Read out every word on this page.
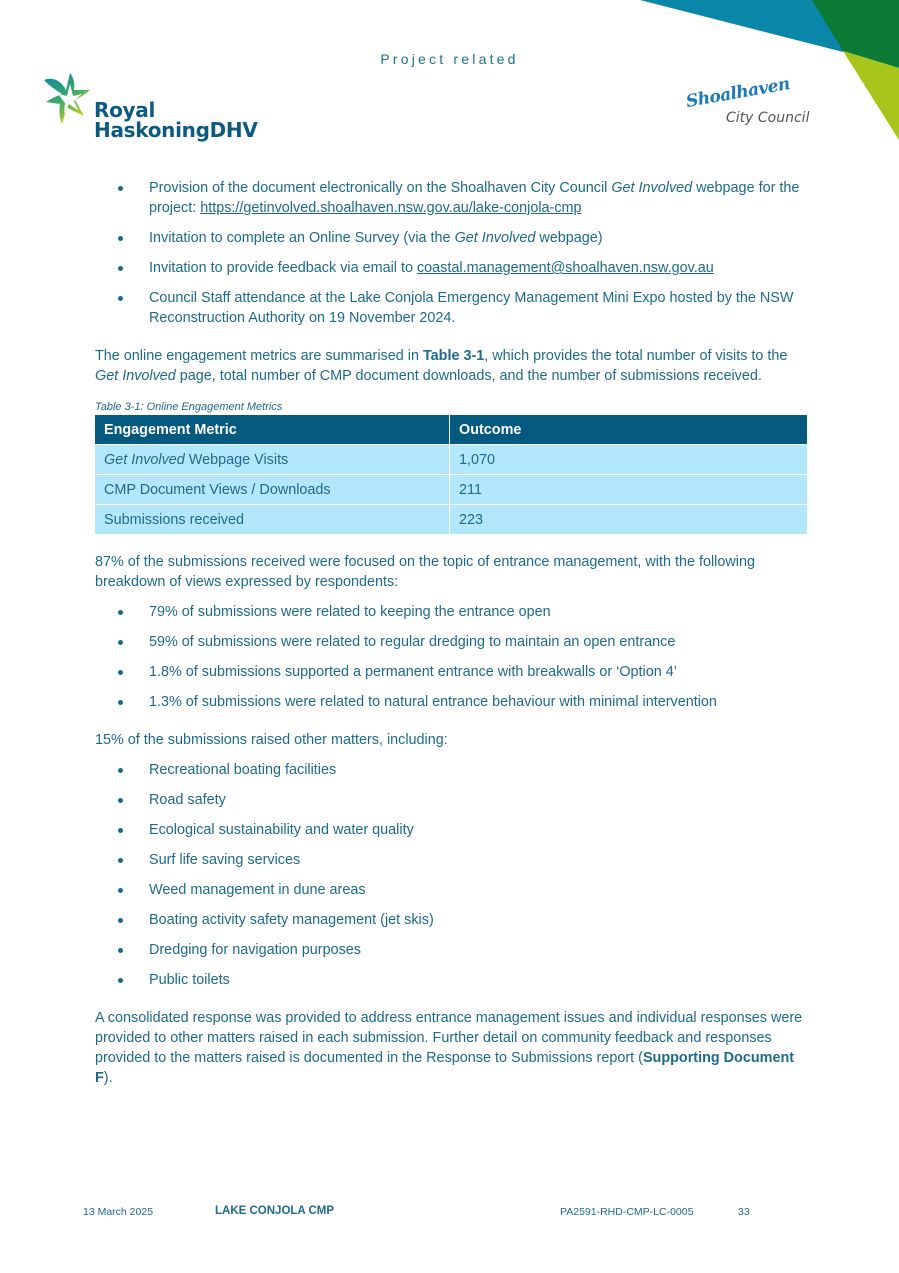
Project related
Royal
HaskoningDHV
Shoalhaven
City Council
Provision of the document electronically on the Shoalhaven City Council Get Involved webpage for the project: https://getinvolved.shoalhaven.nsw.gov.au/lake-conjola-cmp
Invitation to complete an Online Survey (via the Get Involved webpage)
Invitation to provide feedback via email to coastal.management@shoalhaven.nsw.gov.au
Council Staff attendance at the Lake Conjola Emergency Management Mini Expo hosted by the NSW Reconstruction Authority on 19 November 2024.

The online engagement metrics are summarised in Table 3-1, which provides the total number of visits to the Get Involved page, total number of CMP document downloads, and the number of submissions received.

Table 3-1: Online Engagement Metrics
Engagement Metric	Outcome
Get Involved Webpage Visits	1,070
CMP Document Views / Downloads	211
Submissions received	223

87% of the submissions received were focused on the topic of entrance management, with the following breakdown of views expressed by respondents:

79% of submissions were related to keeping the entrance open
59% of submissions were related to regular dredging to maintain an open entrance
1.8% of submissions supported a permanent entrance with breakwalls or ‘Option 4’
1.3% of submissions were related to natural entrance behaviour with minimal intervention

15% of the submissions raised other matters, including:

Recreational boating facilities
Road safety
Ecological sustainability and water quality
Surf life saving services
Weed management in dune areas
Boating activity safety management (jet skis)
Dredging for navigation purposes
Public toilets

A consolidated response was provided to address entrance management issues and individual responses were provided to other matters raised in each submission. Further detail on community feedback and responses provided to the matters raised is documented in the Response to Submissions report (Supporting Document F).

13 March 2025	LAKE CONJOLA CMP	PA2591-RHD-CMP-LC-0005	33
